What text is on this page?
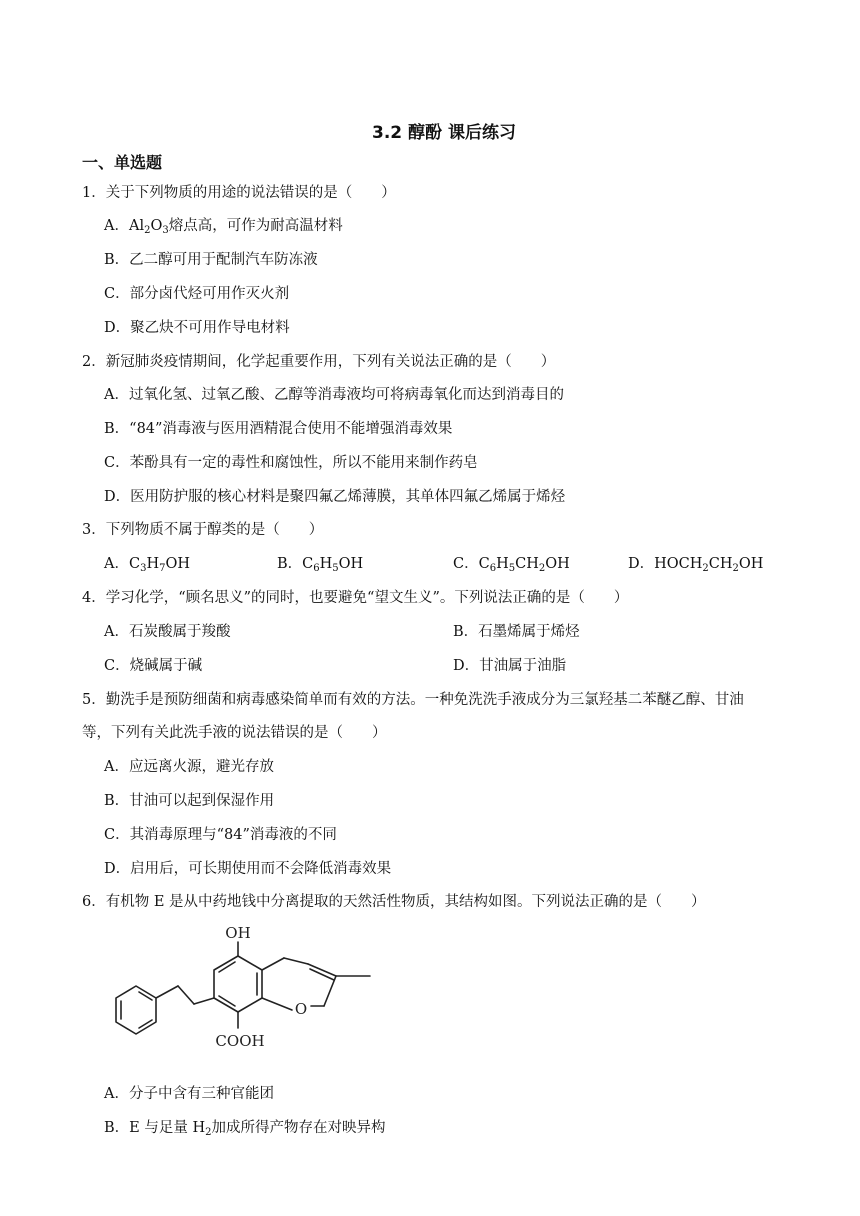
3.2 醇酚 课后练习
一、单选题
1．关于下列物质的用途的说法错误的是（　　）
A．$Al_2O_3$熔点高，可作为耐高温材料
B．乙二醇可用于配制汽车防冻液
C．部分卤代烃可用作灭火剂
D．聚乙炔不可用作导电材料
2．新冠肺炎疫情期间，化学起重要作用，下列有关说法正确的是（　　）
A．过氧化氢、过氧乙酸、乙醇等消毒液均可将病毒氧化而达到消毒目的
B．“84”消毒液与医用酒精混合使用不能增强消毒效果
C．苯酚具有一定的毒性和腐蚀性，所以不能用来制作药皂
D．医用防护服的核心材料是聚四氟乙烯薄膜，其单体四氟乙烯属于烯烃
3．下列物质不属于醇类的是（　　）
A．$C_3H_7OH$	B．$C_6H_5OH$	C．$C_6H_5CH_2OH$	D．$HOCH_2CH_2OH$
4．学习化学，“顾名思义”的同时，也要避免“望文生义”。下列说法正确的是（　　）
A．石炭酸属于羧酸	B．石墨烯属于烯烃
C．烧碱属于碱	D．甘油属于油脂
5．勤洗手是预防细菌和病毒感染简单而有效的方法。一种免洗洗手液成分为三氯羟基二苯醚乙醇、甘油
等，下列有关此洗手液的说法错误的是（　　）
A．应远离火源，避光存放
B．甘油可以起到保湿作用
C．其消毒原理与“84”消毒液的不同
D．启用后，可长期使用而不会降低消毒效果
6．有机物 E 是从中药地钱中分离提取的天然活性物质，其结构如图。下列说法正确的是（　　）
OH
O
COOH
A．分子中含有三种官能团
B．E 与足量 $H_2$加成所得产物存在对映异构
